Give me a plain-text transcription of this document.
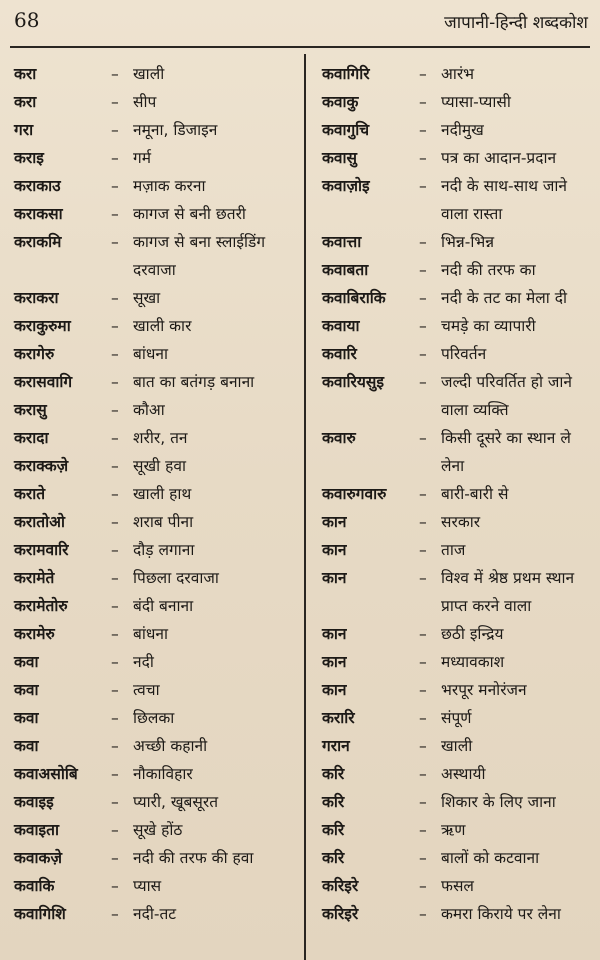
68	जापानी-हिन्दी शब्दकोश
करा	– खाली
करा	– सीप
गरा	– नमूना, डिजाइन
कराइ	– गर्म
कराकाउ	– मज़ाक करना
कराकसा	– कागज से बनी छतरी
कराकमि	– कागज से बना स्लाईडिंग दरवाजा
कराकरा	– सूखा
कराकुरुमा	– खाली कार
करागेरु	– बांधना
करासवागि	– बात का बतंगड़ बनाना
करासु	– कौआ
करादा	– शरीर, तन
कराक्कज़े	– सूखी हवा
कराते	– खाली हाथ
करातोओ	– शराब पीना
करामवारि	– दौड़ लगाना
करामेते	– पिछला दरवाजा
करामेतोरु	– बंदी बनाना
करामेरु	– बांधना
कवा	– नदी
कवा	– त्वचा
कवा	– छिलका
कवा	– अच्छी कहानी
कवाअसोबि	– नौकाविहार
कवाइइ	– प्यारी, खूबसूरत
कवाइता	– सूखे होंठ
कवाकज़े	– नदी की तरफ की हवा
कवाकि	– प्यास
कवागिशि	– नदी-तट
कवागिरि	– आरंभ
कवाकु	– प्यासा-प्यासी
कवागुचि	– नदीमुख
कवासु	– पत्र का आदान-प्रदान
कवाज़ोइ	– नदी के साथ-साथ जाने वाला रास्ता
कवात्ता	– भिन्न-भिन्न
कवाबता	– नदी की तरफ का
कवाबिराकि	– नदी के तट का मेला दी
कवाया	– चमड़े का व्यापारी
कवारि	– परिवर्तन
कवारियसुइ	– जल्दी परिवर्तित हो जाने वाला व्यक्ति
कवारु	– किसी दूसरे का स्थान ले लेना
कवारुगवारु	– बारी-बारी से
कान	– सरकार
कान	– ताज
कान	– विश्व में श्रेष्ठ प्रथम स्थान प्राप्त करने वाला
कान	– छठी इन्द्रिय
कान	– मध्यावकाश
कान	– भरपूर मनोरंजन
करारि	– संपूर्ण
गरान	– खाली
करि	– अस्थायी
करि	– शिकार के लिए जाना
करि	– ऋण
करि	– बालों को कटवाना
करिइरे	– फसल
करिइरे	– कमरा किराये पर लेना
